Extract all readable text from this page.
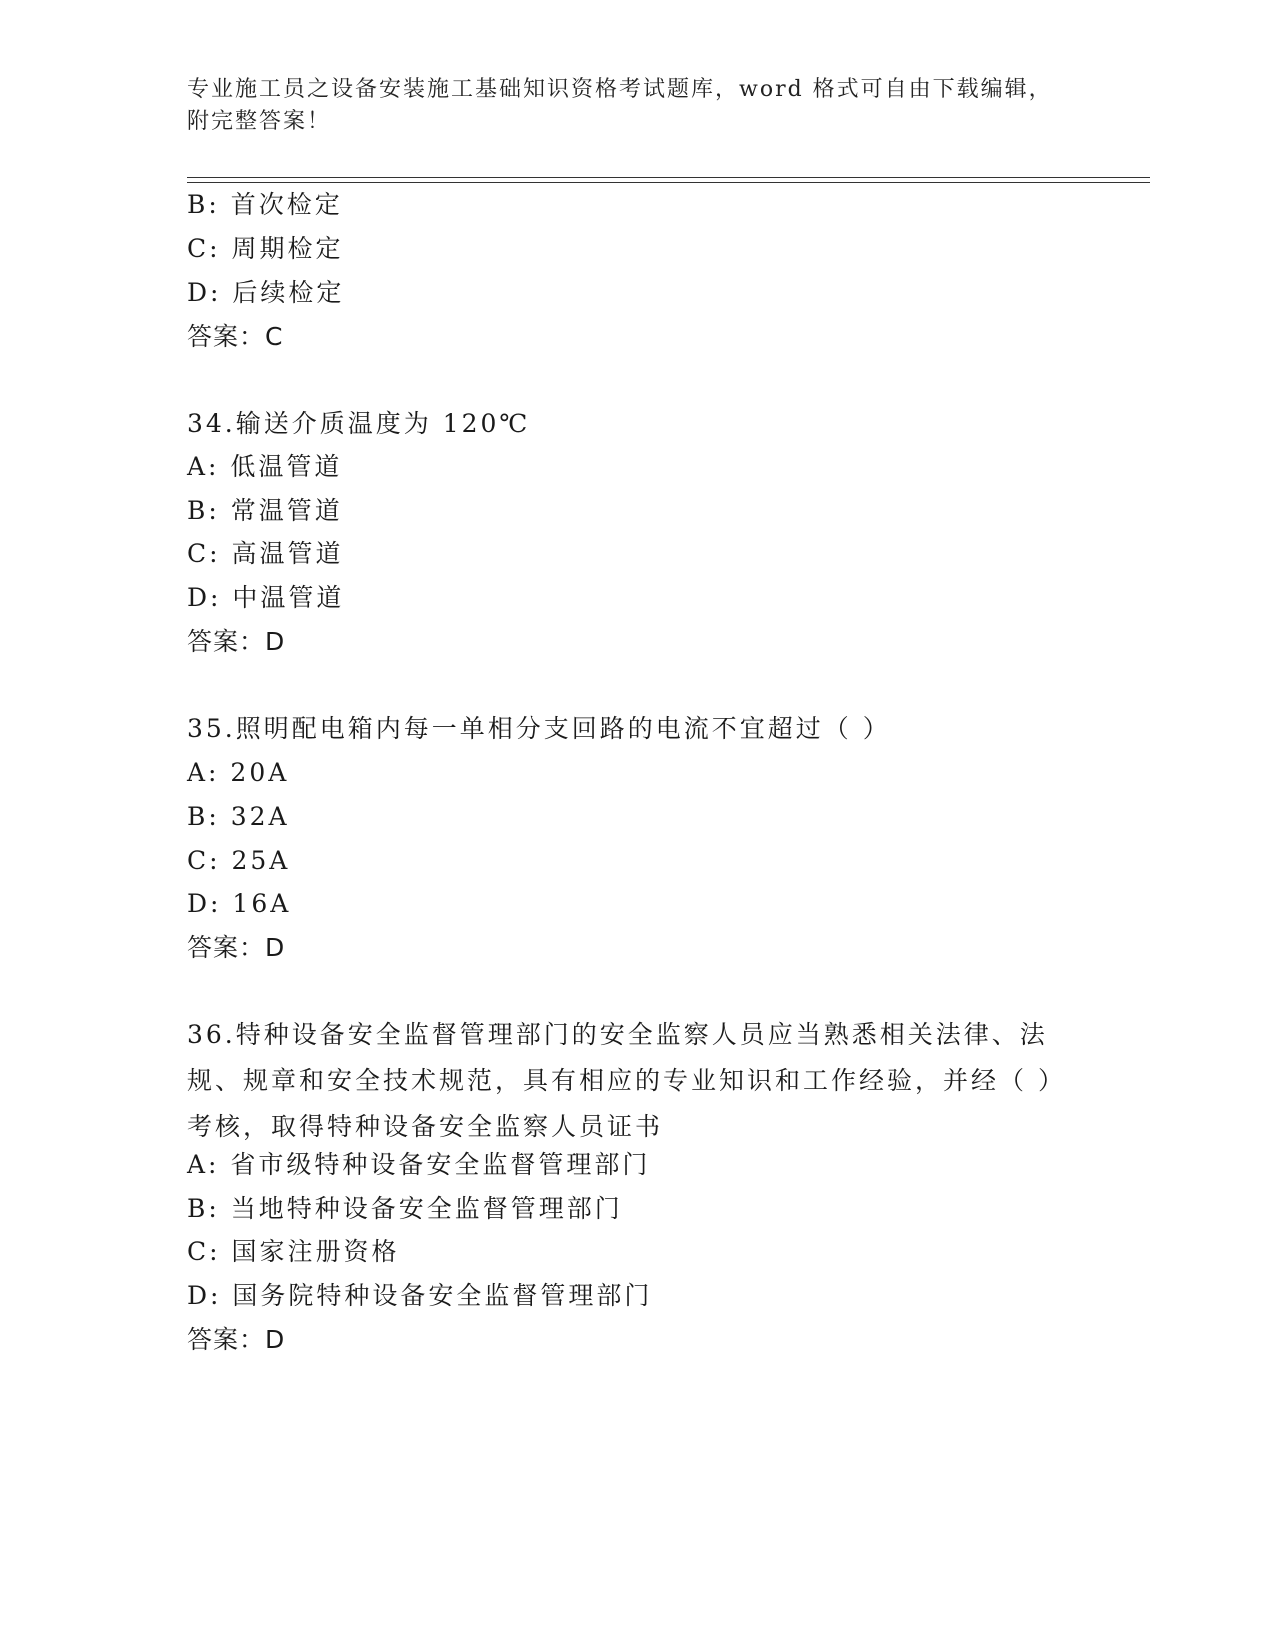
专业施工员之设备安装施工基础知识资格考试题库，word 格式可自由下载编辑，附完整答案！
B: 首次检定
C: 周期检定
D: 后续检定
答案：C
34.输送介质温度为 120℃
A: 低温管道
B: 常温管道
C: 高温管道
D: 中温管道
答案：D
35.照明配电箱内每一单相分支回路的电流不宜超过（ ）
A: 20A
B: 32A
C: 25A
D: 16A
答案：D
36.特种设备安全监督管理部门的安全监察人员应当熟悉相关法律、法规、规章和安全技术规范，具有相应的专业知识和工作经验，并经（ ）考核，取得特种设备安全监察人员证书
A: 省市级特种设备安全监督管理部门
B: 当地特种设备安全监督管理部门
C: 国家注册资格
D: 国务院特种设备安全监督管理部门
答案：D
